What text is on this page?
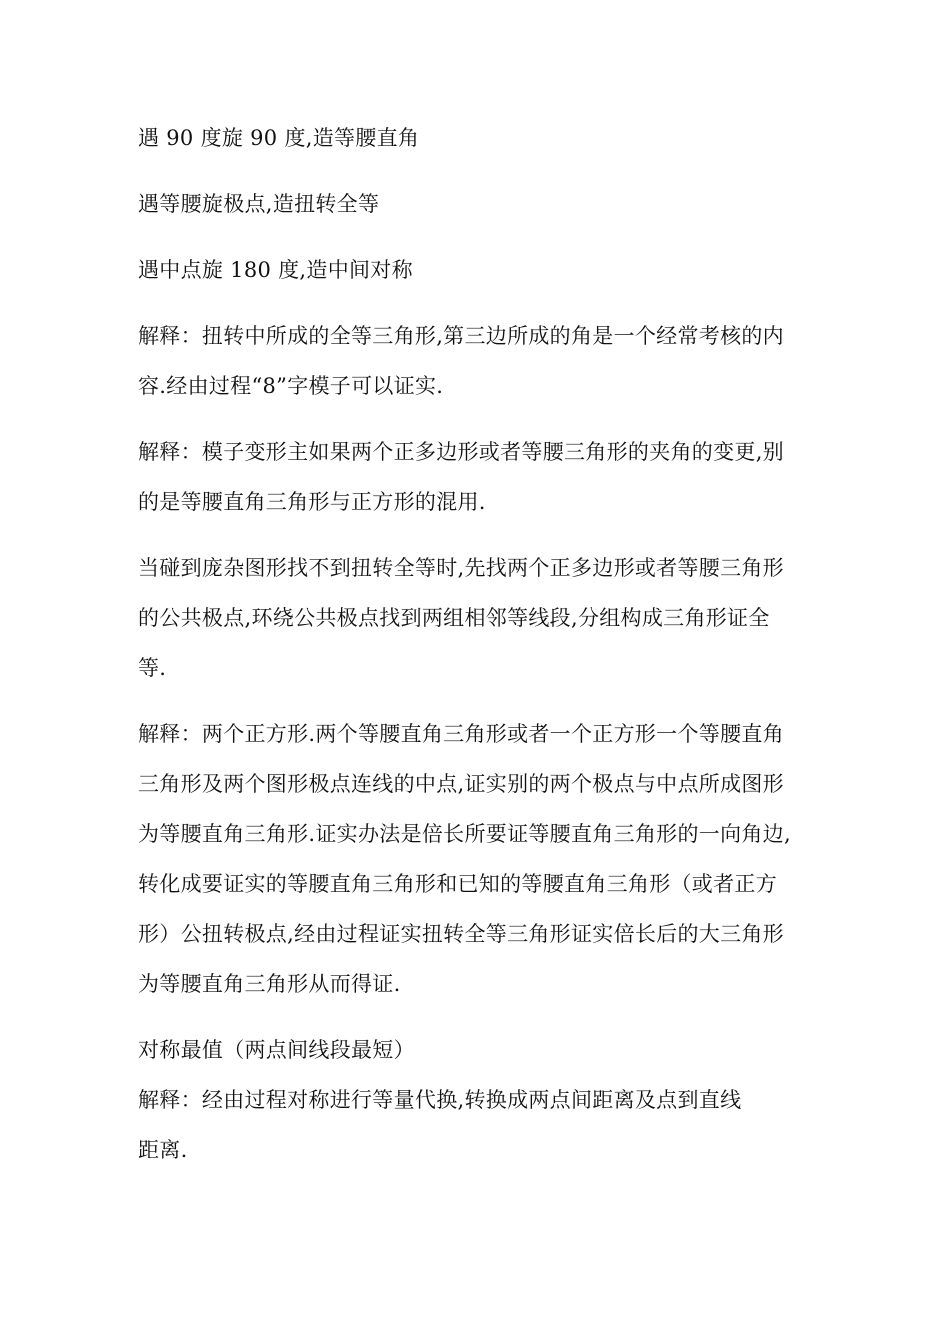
遇 90 度旋 90 度,造等腰直角
遇等腰旋极点,造扭转全等
遇中点旋 180 度,造中间对称
解释：扭转中所成的全等三角形,第三边所成的角是一个经常考核的内
容.经由过程“8”字模子可以证实.
解释：模子变形主如果两个正多边形或者等腰三角形的夹角的变更,别
的是等腰直角三角形与正方形的混用.
当碰到庞杂图形找不到扭转全等时,先找两个正多边形或者等腰三角形
的公共极点,环绕公共极点找到两组相邻等线段,分组构成三角形证全
等.
解释：两个正方形.两个等腰直角三角形或者一个正方形一个等腰直角
三角形及两个图形极点连线的中点,证实别的两个极点与中点所成图形
为等腰直角三角形.证实办法是倍长所要证等腰直角三角形的一向角边,
转化成要证实的等腰直角三角形和已知的等腰直角三角形（或者正方
形）公扭转极点,经由过程证实扭转全等三角形证实倍长后的大三角形
为等腰直角三角形从而得证.
对称最值（两点间线段最短）
解释：经由过程对称进行等量代换,转换成两点间距离及点到直线
距离.
